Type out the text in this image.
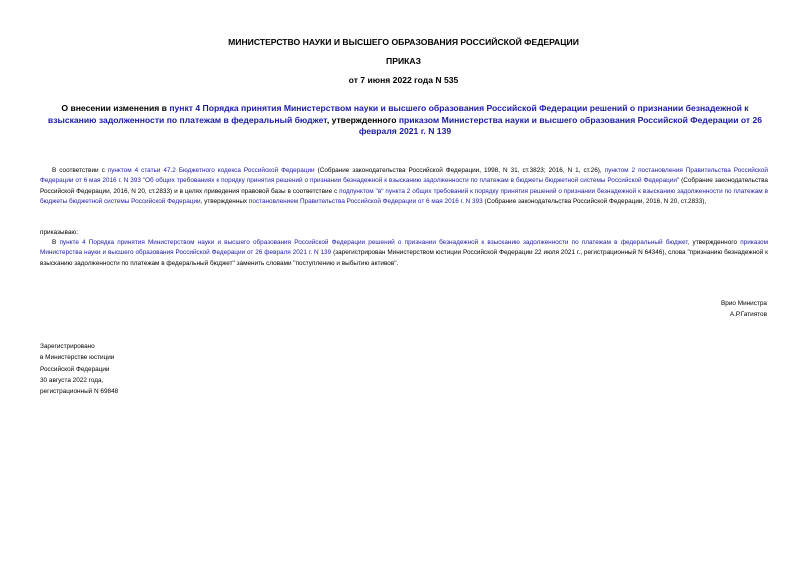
МИНИСТЕРСТВО НАУКИ И ВЫСШЕГО ОБРАЗОВАНИЯ РОССИЙСКОЙ ФЕДЕРАЦИИ
ПРИКАЗ
от 7 июня 2022 года N 535
О внесении изменения в пункт 4 Порядка принятия Министерством науки и высшего образования Российской Федерации решений о признании безнадежной к взысканию задолженности по платежам в федеральный бюджет, утвержденного приказом Министерства науки и высшего образования Российской Федерации от 26 февраля 2021 г. N 139
В соответствии с пунктом 4 статьи 47.2 Бюджетного кодекса Российской Федерации (Собрание законодательства Российской Федерации, 1998, N 31, ст.3823; 2016, N 1, ст.26), пунктом 2 постановления Правительства Российской Федерации от 6 мая 2016 г. N 393 "Об общих требованиях к порядку принятия решений о признании безнадежной к взысканию задолженности по платежам в бюджеты бюджетной системы Российской Федерации" (Собрание законодательства Российской Федерации, 2016, N 20, ст.2833) и в целях приведения правовой базы в соответствие с подпунктом "в" пункта 2 общих требований к порядку принятия решений о признании безнадежной к взысканию задолженности по платежам в бюджеты бюджетной системы Российской Федерации, утвержденных постановлением Правительства Российской Федерации от 6 мая 2016 г. N 393 (Собрание законодательства Российской Федерации, 2016, N 20, ст.2833),
приказываю:
В пункте 4 Порядка принятия Министерством науки и высшего образования Российской Федерации решений о признании безнадежной к взысканию задолженности по платежам в федеральный бюджет, утвержденного приказом Министерства науки и высшего образования Российской Федерации от 26 февраля 2021 г. N 139 (зарегистрирован Министерством юстиции Российской Федерации 22 июля 2021 г., регистрационный N 64346), слова "признанию безнадежной к взысканию задолженности по платежам в федеральный бюджет" заменить словами "поступлению и выбытию активов".
Врио Министра
А.Р.Гатиятов
Зарегистрировано
в Министерстве юстиции
Российской Федерации
30 августа 2022 года,
регистрационный N 69848
